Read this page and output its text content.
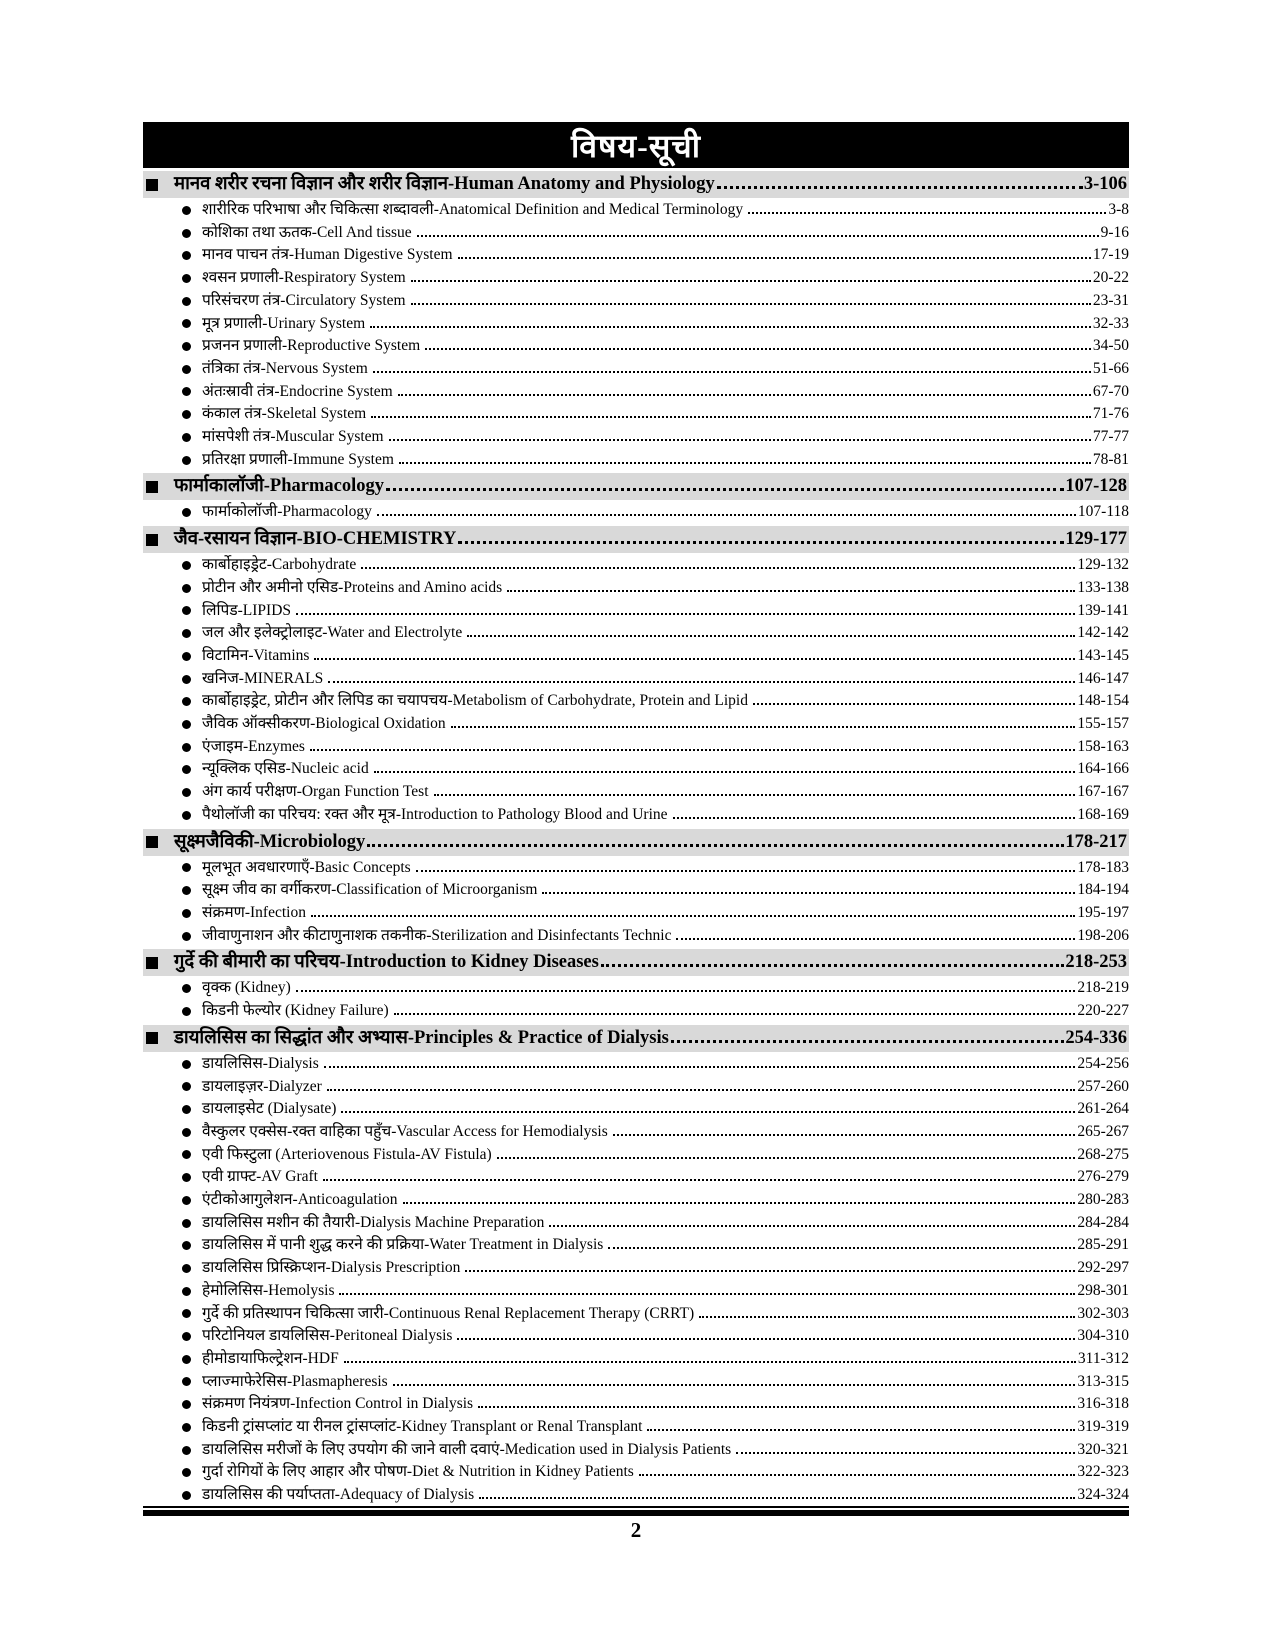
विषय-सूची
मानव शरीर रचना विज्ञान और शरीर विज्ञान-Human Anatomy and Physiology	3-106
शारीरिक परिभाषा और चिकित्सा शब्दावली-Anatomical Definition and Medical Terminology	3-8
कोशिका तथा ऊतक-Cell And tissue	9-16
मानव पाचन तंत्र-Human Digestive System	17-19
श्वसन प्रणाली-Respiratory System	20-22
परिसंचरण तंत्र-Circulatory System	23-31
मूत्र प्रणाली-Urinary System	32-33
प्रजनन प्रणाली-Reproductive System	34-50
तंत्रिका तंत्र-Nervous System	51-66
अंतःस्रावी तंत्र-Endocrine System	67-70
कंकाल तंत्र-Skeletal System	71-76
मांसपेशी तंत्र-Muscular System	77-77
प्रतिरक्षा प्रणाली-Immune System	78-81
फार्माकालॉजी-Pharmacology	107-128
फार्माकोलॉजी-Pharmacology	107-118
जैव-रसायन विज्ञान-BIO-CHEMISTRY	129-177
कार्बोहाइड्रेट-Carbohydrate	129-132
प्रोटीन और अमीनो एसिड-Proteins and Amino acids	133-138
लिपिड-LIPIDS	139-141
जल और इलेक्ट्रोलाइट-Water and Electrolyte	142-142
विटामिन-Vitamins	143-145
खनिज-MINERALS	146-147
कार्बोहाइड्रेट, प्रोटीन और लिपिड का चयापचय-Metabolism of Carbohydrate, Protein and Lipid	148-154
जैविक ऑक्सीकरण-Biological Oxidation	155-157
एंजाइम-Enzymes	158-163
न्यूक्लिक एसिड-Nucleic acid	164-166
अंग कार्य परीक्षण-Organ Function Test	167-167
पैथोलॉजी का परिचय: रक्त और मूत्र-Introduction to Pathology Blood and Urine	168-169
सूक्ष्मजैविकी-Microbiology	178-217
मूलभूत अवधारणाएँ-Basic Concepts	178-183
सूक्ष्म जीव का वर्गीकरण-Classification of Microorganism	184-194
संक्रमण-Infection	195-197
जीवाणुनाशन और कीटाणुनाशक तकनीक-Sterilization and Disinfectants Technic	198-206
गुर्दे की बीमारी का परिचय-Introduction to Kidney Diseases	218-253
वृक्क (Kidney)	218-219
किडनी फेल्योर (Kidney Failure)	220-227
डायलिसिस का सिद्धांत और अभ्यास-Principles & Practice of Dialysis	254-336
डायलिसिस-Dialysis	254-256
डायलाइज़र-Dialyzer	257-260
डायलाइसेट (Dialysate)	261-264
वैस्कुलर एक्सेस-रक्त वाहिका पहुँच-Vascular Access for Hemodialysis	265-267
एवी फिस्टुला (Arteriovenous Fistula-AV Fistula)	268-275
एवी ग्राफ्ट-AV Graft	276-279
एंटीकोआगुलेशन-Anticoagulation	280-283
डायलिसिस मशीन की तैयारी-Dialysis Machine Preparation	284-284
डायलिसिस में पानी शुद्ध करने की प्रक्रिया-Water Treatment in Dialysis	285-291
डायलिसिस प्रिस्क्रिप्शन-Dialysis Prescription	292-297
हेमोलिसिस-Hemolysis	298-301
गुर्दे की प्रतिस्थापन चिकित्सा जारी-Continuous Renal Replacement Therapy (CRRT)	302-303
परिटोनियल डायलिसिस-Peritoneal Dialysis	304-310
हीमोडायाफिल्ट्रेशन-HDF	311-312
प्लाज्माफेरेसिस-Plasmapheresis	313-315
संक्रमण नियंत्रण-Infection Control in Dialysis	316-318
किडनी ट्रांसप्लांट या रीनल ट्रांसप्लांट-Kidney Transplant or Renal Transplant	319-319
डायलिसिस मरीजों के लिए उपयोग की जाने वाली दवाएं-Medication used in Dialysis Patients	320-321
गुर्दा रोगियों के लिए आहार और पोषण-Diet & Nutrition in Kidney Patients	322-323
डायलिसिस की पर्याप्तता-Adequacy of Dialysis	324-324
2
